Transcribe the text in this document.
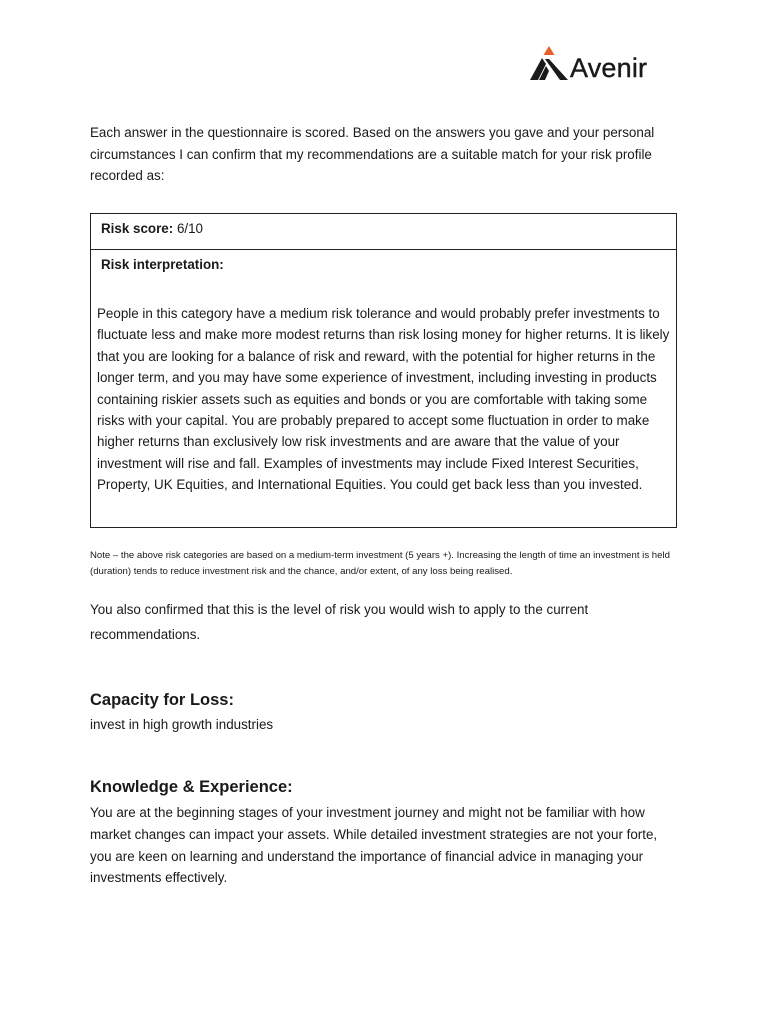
Avenir

Each answer in the questionnaire is scored. Based on the answers you gave and your personal circumstances I can confirm that my recommendations are a suitable match for your risk profile recorded as:

Risk score: 6/10
Risk interpretation:

People in this category have a medium risk tolerance and would probably prefer investments to fluctuate less and make more modest returns than risk losing money for higher returns. It is likely that you are looking for a balance of risk and reward, with the potential for higher returns in the longer term, and you may have some experience of investment, including investing in products containing riskier assets such as equities and bonds or you are comfortable with taking some risks with your capital. You are probably prepared to accept some fluctuation in order to make higher returns than exclusively low risk investments and are aware that the value of your investment will rise and fall. Examples of investments may include Fixed Interest Securities, Property, UK Equities, and International Equities. You could get back less than you invested.

Note – the above risk categories are based on a medium-term investment (5 years +). Increasing the length of time an investment is held (duration) tends to reduce investment risk and the chance, and/or extent, of any loss being realised.

You also confirmed that this is the level of risk you would wish to apply to the current recommendations.

Capacity for Loss:

invest in high growth industries

Knowledge & Experience:

You are at the beginning stages of your investment journey and might not be familiar with how market changes can impact your assets. While detailed investment strategies are not your forte, you are keen on learning and understand the importance of financial advice in managing your investments effectively.
